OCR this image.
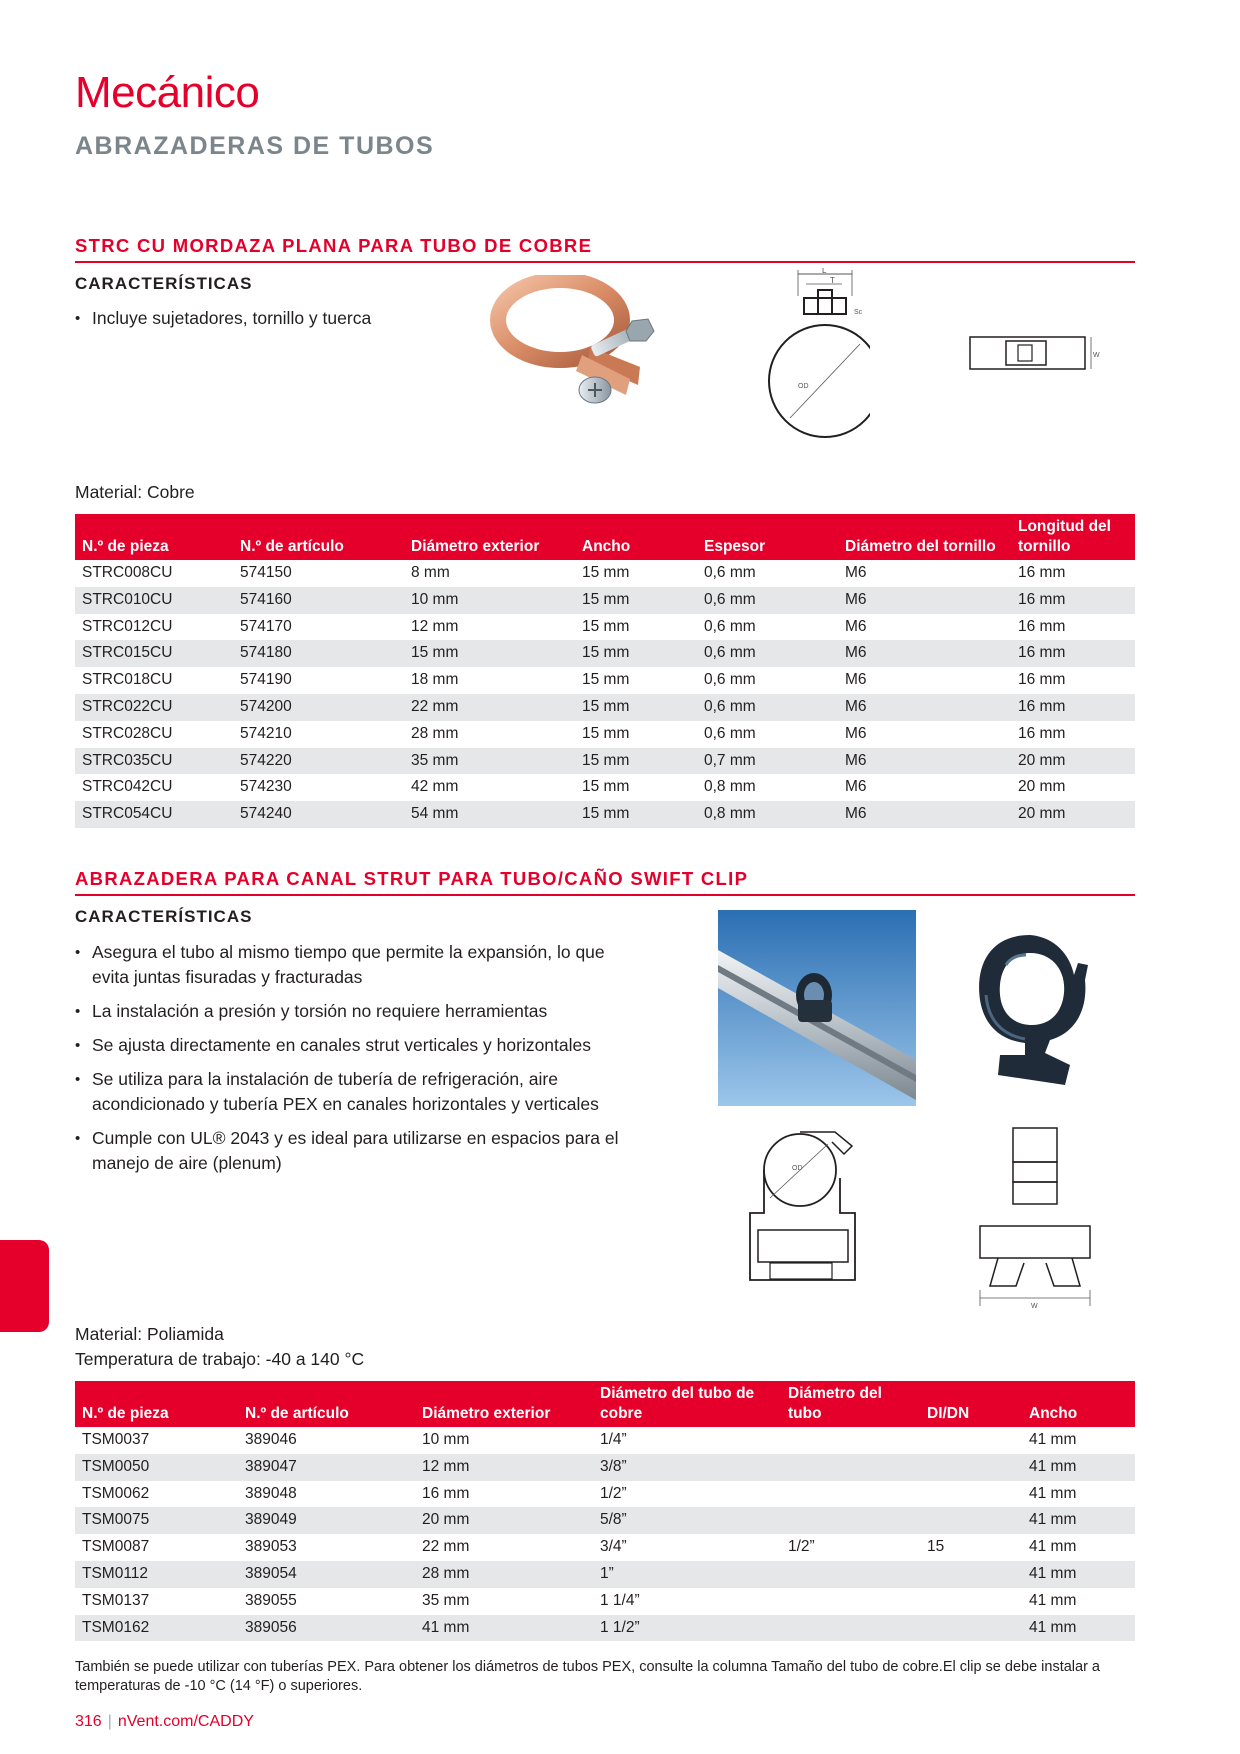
Mecánico
ABRAZADERAS DE TUBOS
STRC CU MORDAZA PLANA PARA TUBO DE COBRE
CARACTERÍSTICAS
• Incluye sujetadores, tornillo y tuerca
L
T
Sc
OD
W
Material: Cobre
N.º de pieza	N.º de artículo	Diámetro exterior	Ancho	Espesor	Diámetro del tornillo	Longitud del tornillo
STRC008CU	574150	8 mm	15 mm	0,6 mm	M6	16 mm
STRC010CU	574160	10 mm	15 mm	0,6 mm	M6	16 mm
STRC012CU	574170	12 mm	15 mm	0,6 mm	M6	16 mm
STRC015CU	574180	15 mm	15 mm	0,6 mm	M6	16 mm
STRC018CU	574190	18 mm	15 mm	0,6 mm	M6	16 mm
STRC022CU	574200	22 mm	15 mm	0,6 mm	M6	16 mm
STRC028CU	574210	28 mm	15 mm	0,6 mm	M6	16 mm
STRC035CU	574220	35 mm	15 mm	0,7 mm	M6	20 mm
STRC042CU	574230	42 mm	15 mm	0,8 mm	M6	20 mm
STRC054CU	574240	54 mm	15 mm	0,8 mm	M6	20 mm
ABRAZADERA PARA CANAL STRUT PARA TUBO/CAÑO SWIFT CLIP
CARACTERÍSTICAS
• Asegura el tubo al mismo tiempo que permite la expansión, lo que evita juntas fisuradas y fracturadas
• La instalación a presión y torsión no requiere herramientas
• Se ajusta directamente en canales strut verticales y horizontales
• Se utiliza para la instalación de tubería de refrigeración, aire acondicionado y tubería PEX en canales horizontales y verticales
• Cumple con UL® 2043 y es ideal para utilizarse en espacios para el manejo de aire (plenum)	OD
W
Material: Poliamida
Temperatura de trabajo: -40 a 140 °C
N.º de pieza	N.º de artículo	Diámetro exterior	Diámetro del tubo de cobre	Diámetro del tubo	DI/DN	Ancho
TSM0037	389046	10 mm	1/4”			41 mm
TSM0050	389047	12 mm	3/8”			41 mm
TSM0062	389048	16 mm	1/2”			41 mm
TSM0075	389049	20 mm	5/8”			41 mm
TSM0087	389053	22 mm	3/4”	1/2”	15	41 mm
TSM0112	389054	28 mm	1”			41 mm
TSM0137	389055	35 mm	1 1/4”			41 mm
TSM0162	389056	41 mm	1 1/2”			41 mm
También se puede utilizar con tuberías PEX. Para obtener los diámetros de tubos PEX, consulte la columna Tamaño del tubo de cobre.El clip se debe instalar a temperaturas de -10 °C (14 °F) o superiores.
316 | nVent.com/CADDY
